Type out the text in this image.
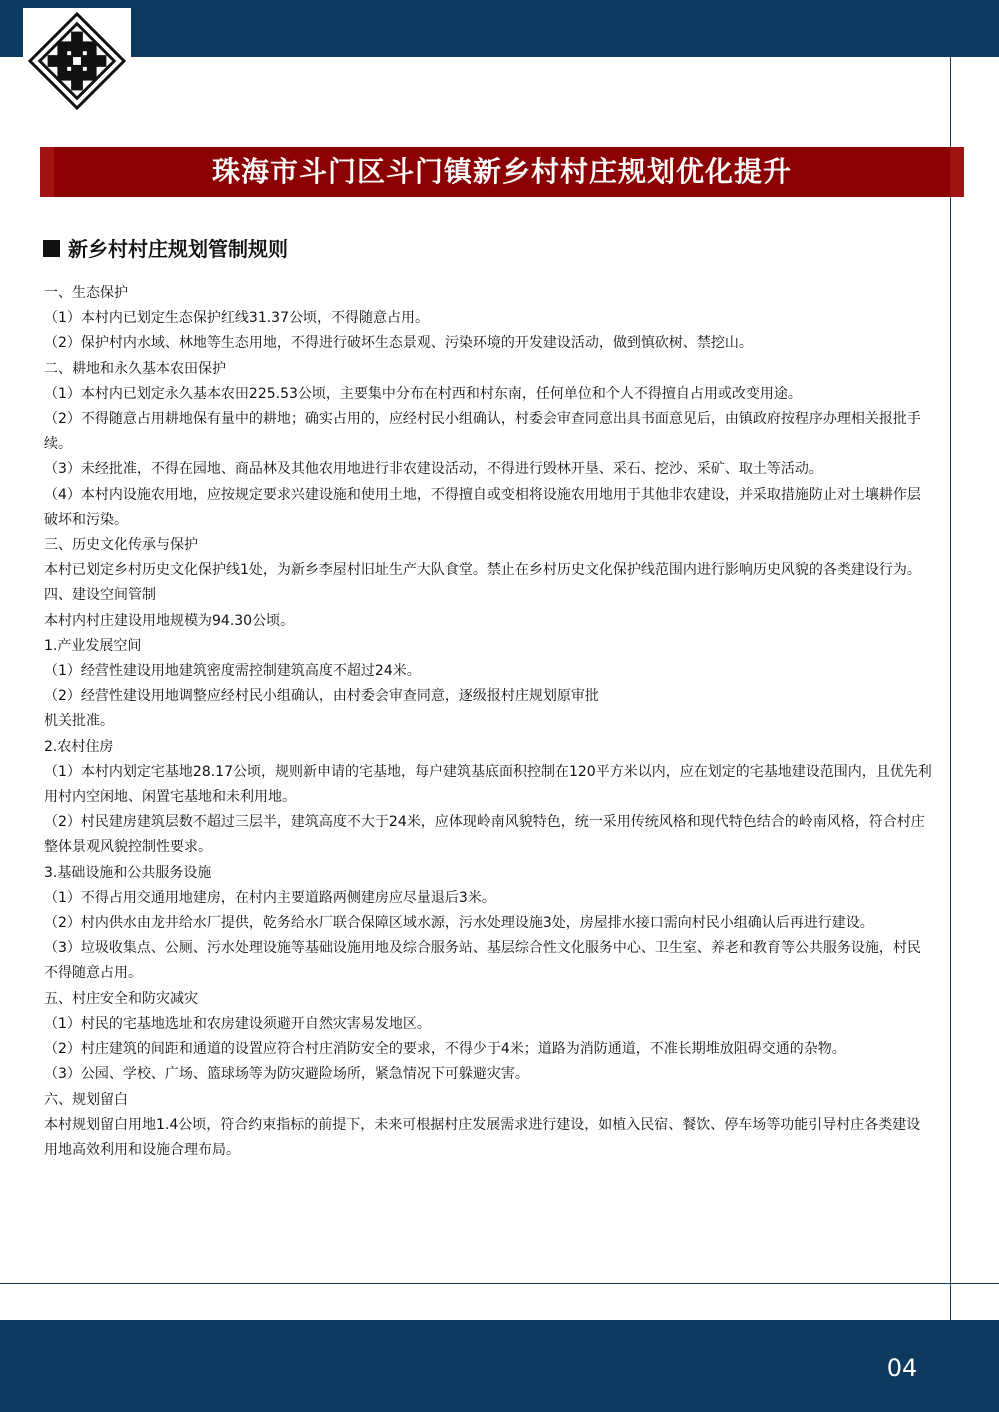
珠海市斗门区斗门镇新乡村村庄规划优化提升
新乡村村庄规划管制规则

一、生态保护

（1）本村内已划定生态保护红线31.37公顷，不得随意占用。

（2）保护村内水域、林地等生态用地，不得进行破坏生态景观、污染环境的开发建设活动，做到慎砍树、禁挖山。

二、耕地和永久基本农田保护

（1）本村内已划定永久基本农田225.53公顷，主要集中分布在村西和村东南，任何单位和个人不得擅自占用或改变用途。

（2）不得随意占用耕地保有量中的耕地；确实占用的，应经村民小组确认，村委会审查同意出具书面意见后，由镇政府按程序办理相关报批手续。

（3）未经批准，不得在园地、商品林及其他农用地进行非农建设活动，不得进行毁林开垦、采石、挖沙、采矿、取土等活动。

（4）本村内设施农用地，应按规定要求兴建设施和使用土地，不得擅自或变相将设施农用地用于其他非农建设，并采取措施防止对土壤耕作层破坏和污染。

三、历史文化传承与保护

本村已划定乡村历史文化保护线1处，为新乡李屋村旧址生产大队食堂。禁止在乡村历史文化保护线范围内进行影响历史风貌的各类建设行为。

四、建设空间管制

本村内村庄建设用地规模为94.30公顷。

1.产业发展空间

（1）经营性建设用地建筑密度需控制建筑高度不超过24米。

（2）经营性建设用地调整应经村民小组确认，由村委会审查同意，逐级报村庄规划原审批

机关批准。

2.农村住房

（1）本村内划定宅基地28.17公顷，规则新申请的宅基地，每户建筑基底面积控制在120平方米以内，应在划定的宅基地建设范围内，且优先利用村内空闲地、闲置宅基地和未利用地。

（2）村民建房建筑层数不超过三层半，建筑高度不大于24米，应体现岭南风貌特色，统一采用传统风格和现代特色结合的岭南风格，符合村庄整体景观风貌控制性要求。

3.基础设施和公共服务设施

（1）不得占用交通用地建房，在村内主要道路两侧建房应尽量退后3米。

（2）村内供水由龙井给水厂提供，乾务给水厂联合保障区域水源，污水处理设施3处，房屋排水接口需向村民小组确认后再进行建设。

（3）垃圾收集点、公厕、污水处理设施等基础设施用地及综合服务站、基层综合性文化服务中心、卫生室、养老和教育等公共服务设施，村民不得随意占用。

五、村庄安全和防灾减灾

（1）村民的宅基地选址和农房建设须避开自然灾害易发地区。

（2）村庄建筑的间距和通道的设置应符合村庄消防安全的要求，不得少于4米；道路为消防通道，不准长期堆放阻碍交通的杂物。

（3）公园、学校、广场、篮球场等为防灾避险场所，紧急情况下可躲避灾害。

六、规划留白

本村规划留白用地1.4公顷，符合约束指标的前提下，未来可根据村庄发展需求进行建设，如植入民宿、餐饮、停车场等功能引导村庄各类建设用地高效利用和设施合理布局。

04
